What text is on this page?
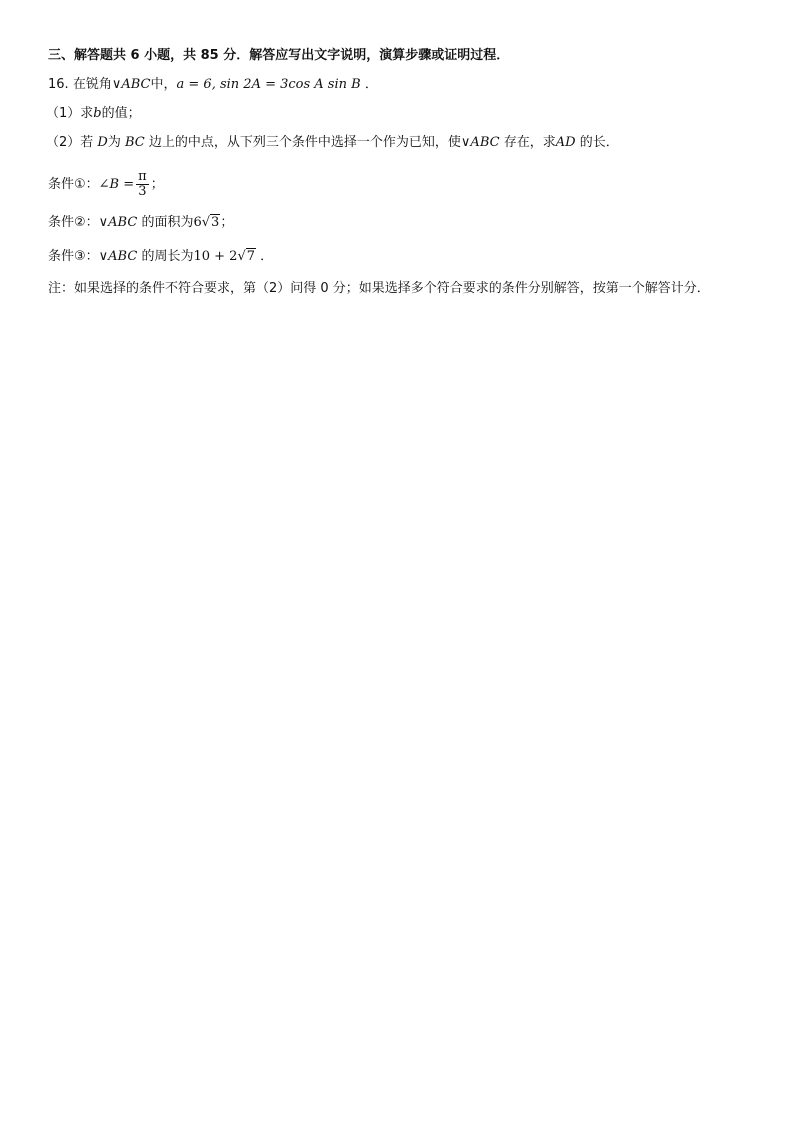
三、解答题共 6 小题，共 85 分．解答应写出文字说明，演算步骤或证明过程．
16. 在锐角∨ABC中，a = 6, sin 2A = 3cos A sin B ．
（1）求b的值；
（2）若 D为 BC 边上的中点，从下列三个条件中选择一个作为已知，使∨ABC 存在，求AD 的长．
条件①：∠B = $\frac{\pi}{3}$ ；
条件②：∨ABC 的面积为6√3；
条件③：∨ABC 的周长为10 + 2√7 ．
注：如果选择的条件不符合要求，第（2）问得 0 分；如果选择多个符合要求的条件分别解答，按第一个解答计分．
